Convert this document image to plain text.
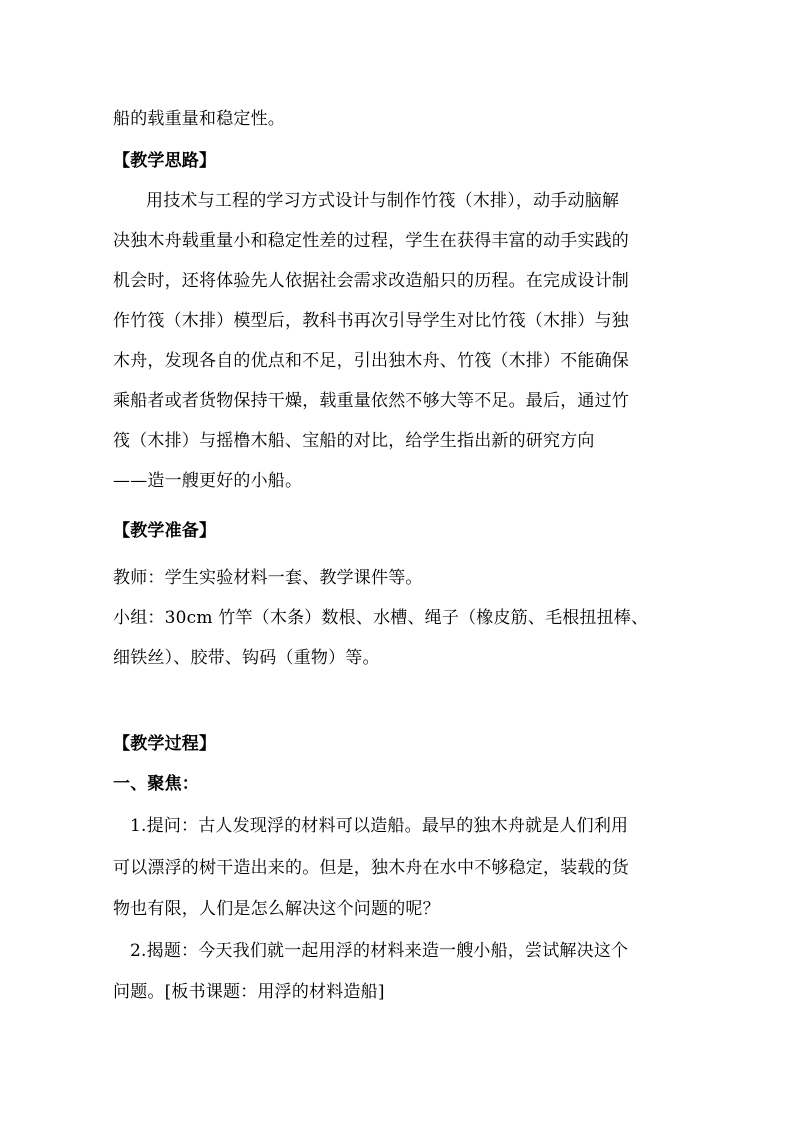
船的载重量和稳定性。
【教学思路】
用技术与工程的学习方式设计与制作竹筏（木排），动手动脑解
决独木舟载重量小和稳定性差的过程，学生在获得丰富的动手实践的
机会时，还将体验先人依据社会需求改造船只的历程。在完成设计制
作竹筏（木排）模型后，教科书再次引导学生对比竹筏（木排）与独
木舟，发现各自的优点和不足，引出独木舟、竹筏（木排）不能确保
乘船者或者货物保持干燥，载重量依然不够大等不足。最后，通过竹
筏（木排）与摇橹木船、宝船的对比，给学生指出新的研究方向
——造一艘更好的小船。
【教学准备】
教师：学生实验材料一套、教学课件等。
小组：30cm 竹竿（木条）数根、水槽、绳子（橡皮筋、毛根扭扭棒、
细铁丝）、胶带、钩码（重物）等。
【教学过程】
一、聚焦：
1.提问：古人发现浮的材料可以造船。最早的独木舟就是人们利用
可以漂浮的树干造出来的。但是，独木舟在水中不够稳定，装载的货
物也有限，人们是怎么解决这个问题的呢？
2.揭题：今天我们就一起用浮的材料来造一艘小船，尝试解决这个
问题。[板书课题：用浮的材料造船]
